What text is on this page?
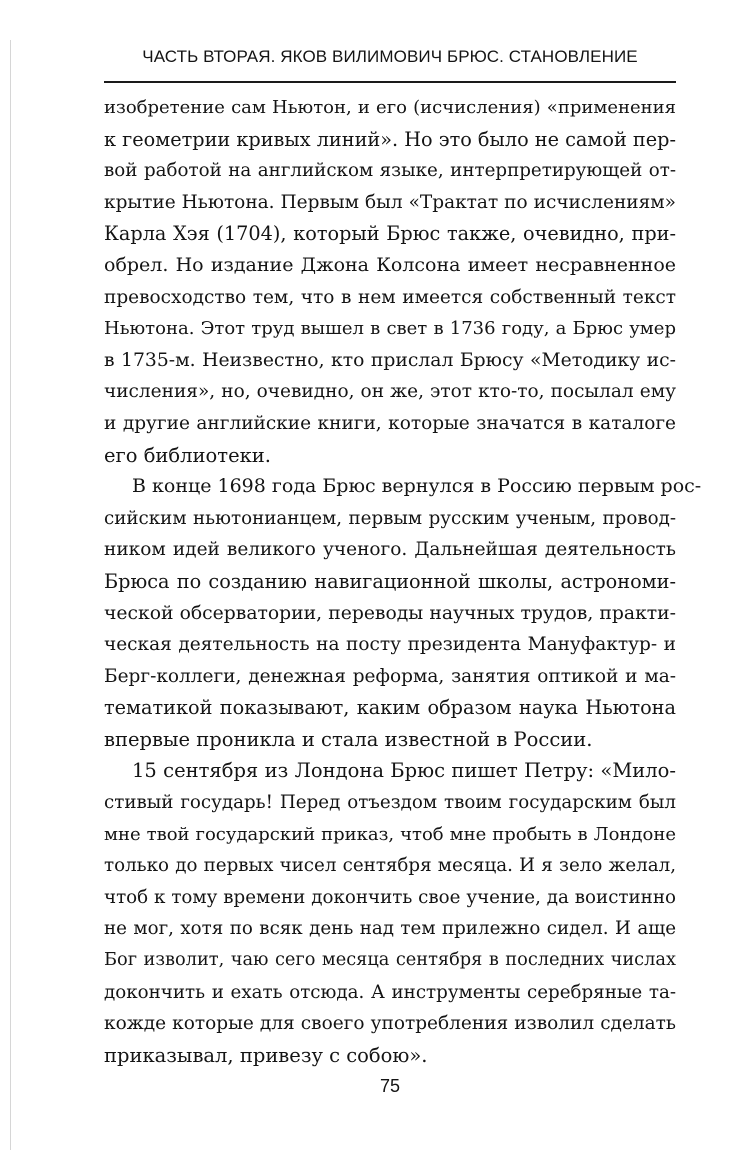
ЧАСТЬ ВТОРАЯ. ЯКОВ ВИЛИМОВИЧ БРЮС. СТАНОВЛЕНИЕ
изобретение сам Ньютон, и его (исчисления) «применения
к геометрии кривых линий». Но это было не самой пер-
вой работой на английском языке, интерпретирующей от-
крытие Ньютона. Первым был «Трактат по исчислениям»
Карла Хэя (1704), который Брюс также, очевидно, при-
обрел. Но издание Джона Колсона имеет несравненное
превосходство тем, что в нем имеется собственный текст
Ньютона. Этот труд вышел в свет в 1736 году, а Брюс умер
в 1735-м. Неизвестно, кто прислал Брюсу «Методику ис-
числения», но, очевидно, он же, этот кто-то, посылал ему
и другие английские книги, которые значатся в каталоге
его библиотеки.
В конце 1698 года Брюс вернулся в Россию первым рос-
сийским ньютонианцем, первым русским ученым, провод-
ником идей великого ученого. Дальнейшая деятельность
Брюса по созданию навигационной школы, астрономи-
ческой обсерватории, переводы научных трудов, практи-
ческая деятельность на посту президента Мануфактур- и
Берг-коллеги, денежная реформа, занятия оптикой и ма-
тематикой показывают, каким образом наука Ньютона
впервые проникла и стала известной в России.
15 сентября из Лондона Брюс пишет Петру: «Мило-
стивый государь! Перед отъездом твоим государским был
мне твой государский приказ, чтоб мне пробыть в Лондоне
только до первых чисел сентября месяца. И я зело желал,
чтоб к тому времени докончить свое учение, да воистинно
не мог, хотя по всяк день над тем прилежно сидел. И аще
Бог изволит, чаю сего месяца сентября в последних числах
докончить и ехать отсюда. А инструменты серебряные та-
кожде которые для своего употребления изволил сделать
приказывал, привезу с собою».
75
